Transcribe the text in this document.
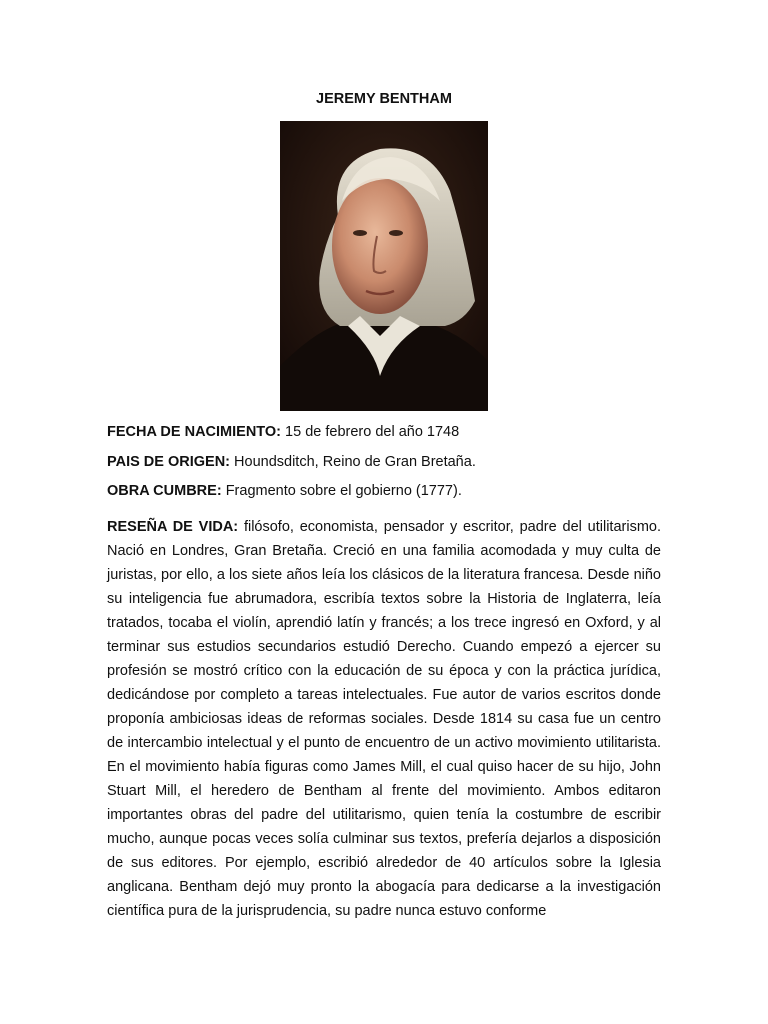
JEREMY BENTHAM
FECHA DE NACIMIENTO: 15 de febrero del año 1748
PAIS DE ORIGEN: Houndsditch, Reino de Gran Bretaña.
OBRA CUMBRE: Fragmento sobre el gobierno (1777).

RESEÑA DE VIDA: filósofo, economista, pensador y escritor, padre del utilitarismo. Nació en Londres, Gran Bretaña. Creció en una familia acomodada y muy culta de juristas, por ello, a los siete años leía los clásicos de la literatura francesa. Desde niño su inteligencia fue abrumadora, escribía textos sobre la Historia de Inglaterra, leía tratados, tocaba el violín, aprendió latín y francés; a los trece ingresó en Oxford, y al terminar sus estudios secundarios estudió Derecho. Cuando empezó a ejercer su profesión se mostró crítico con la educación de su época y con la práctica jurídica, dedicándose por completo a tareas intelectuales. Fue autor de varios escritos donde proponía ambiciosas ideas de reformas sociales. Desde 1814 su casa fue un centro de intercambio intelectual y el punto de encuentro de un activo movimiento utilitarista. En el movimiento había figuras como James Mill, el cual quiso hacer de su hijo, John Stuart Mill, el heredero de Bentham al frente del movimiento. Ambos editaron importantes obras del padre del utilitarismo, quien tenía la costumbre de escribir mucho, aunque pocas veces solía culminar sus textos, prefería dejarlos a disposición de sus editores. Por ejemplo, escribió alrededor de 40 artículos sobre la Iglesia anglicana. Bentham dejó muy pronto la abogacía para dedicarse a la investigación científica pura de la jurisprudencia, su padre nunca estuvo conforme
